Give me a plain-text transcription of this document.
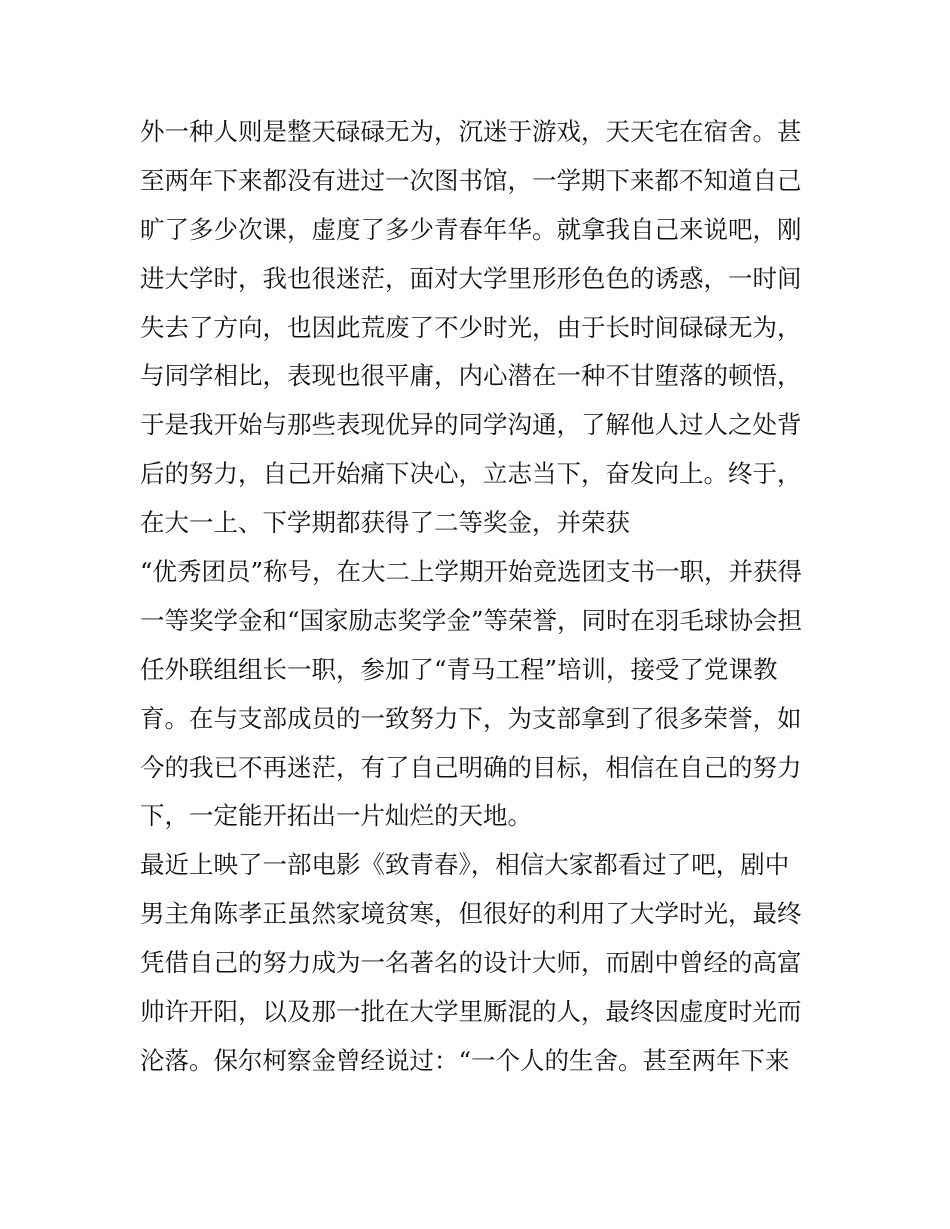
外一种人则是整天碌碌无为，沉迷于游戏，天天宅在宿舍。甚
至两年下来都没有进过一次图书馆，一学期下来都不知道自己
旷了多少次课，虚度了多少青春年华。就拿我自己来说吧，刚
进大学时，我也很迷茫，面对大学里形形色色的诱惑，一时间
失去了方向，也因此荒废了不少时光，由于长时间碌碌无为，
与同学相比，表现也很平庸，内心潜在一种不甘堕落的顿悟，
于是我开始与那些表现优异的同学沟通，了解他人过人之处背
后的努力，自己开始痛下决心，立志当下，奋发向上。终于，
在大一上、下学期都获得了二等奖金，并荣获
“优秀团员”称号，在大二上学期开始竞选团支书一职，并获得
一等奖学金和“国家励志奖学金”等荣誉，同时在羽毛球协会担
任外联组组长一职，参加了“青马工程”培训，接受了党课教
育。在与支部成员的一致努力下，为支部拿到了很多荣誉，如
今的我已不再迷茫，有了自己明确的目标，相信在自己的努力
下，一定能开拓出一片灿烂的天地。
最近上映了一部电影《致青春》，相信大家都看过了吧，剧中
男主角陈孝正虽然家境贫寒，但很好的利用了大学时光，最终
凭借自己的努力成为一名著名的设计大师，而剧中曾经的高富
帅许开阳，以及那一批在大学里厮混的人，最终因虚度时光而
沦落。保尔柯察金曾经说过：“一个人的生舍。甚至两年下来
